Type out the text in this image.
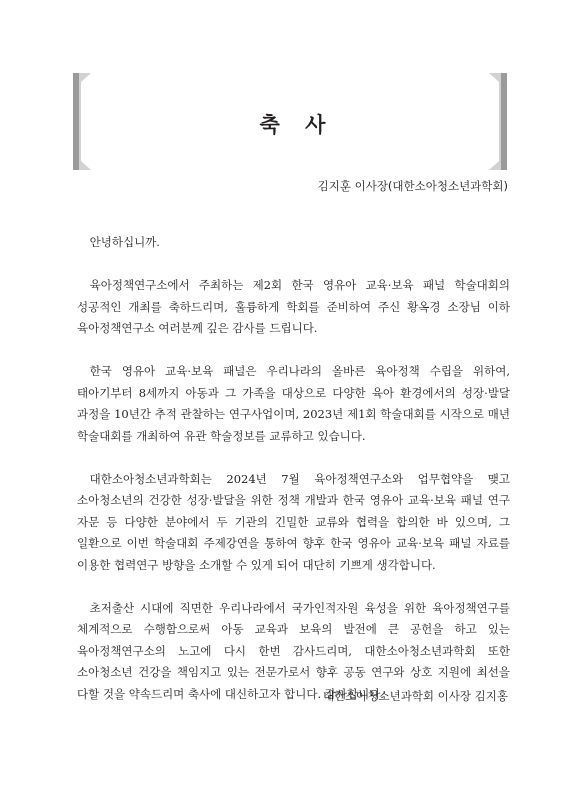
축 사
김지훈 이사장(대한소아청소년과학회)

안녕하십니까.

육아정책연구소에서 주최하는 제2회 한국 영유아 교육·보육 패널 학술대회의 성공적인 개최를 축하드리며, 훌륭하게 학회를 준비하여 주신 황옥경 소장님 이하 육아정책연구소 여러분께 깊은 감사를 드립니다.

한국 영유아 교육·보육 패널은 우리나라의 올바른 육아정책 수립을 위하여, 태아기부터 8세까지 아동과 그 가족을 대상으로 다양한 육아 환경에서의 성장·발달 과정을 10년간 추적 관찰하는 연구사업이며, 2023년 제1회 학술대회를 시작으로 매년 학술대회를 개최하여 유관 학술정보를 교류하고 있습니다.

대한소아청소년과학회는 2024년 7월 육아정책연구소와 업무협약을 맺고 소아청소년의 건강한 성장·발달을 위한 정책 개발과 한국 영유아 교육·보육 패널 연구 자문 등 다양한 분야에서 두 기관의 긴밀한 교류와 협력을 합의한 바 있으며, 그 일환으로 이번 학술대회 주제강연을 통하여 향후 한국 영유아 교육·보육 패널 자료를 이용한 협력연구 방향을 소개할 수 있게 되어 대단히 기쁘게 생각합니다.

초저출산 시대에 직면한 우리나라에서 국가인적자원 육성을 위한 육아정책연구를 체계적으로 수행함으로써 아동 교육과 보육의 발전에 큰 공헌을 하고 있는 육아정책연구소의 노고에 다시 한번 감사드리며, 대한소아청소년과학회 또한 소아청소년 건강을 책임지고 있는 전문가로서 향후 공동 연구와 상호 지원에 최선을 다할 것을 약속드리며 축사에 대신하고자 합니다. 감사합니다.

대한소아청소년과학회 이사장 김지홍
